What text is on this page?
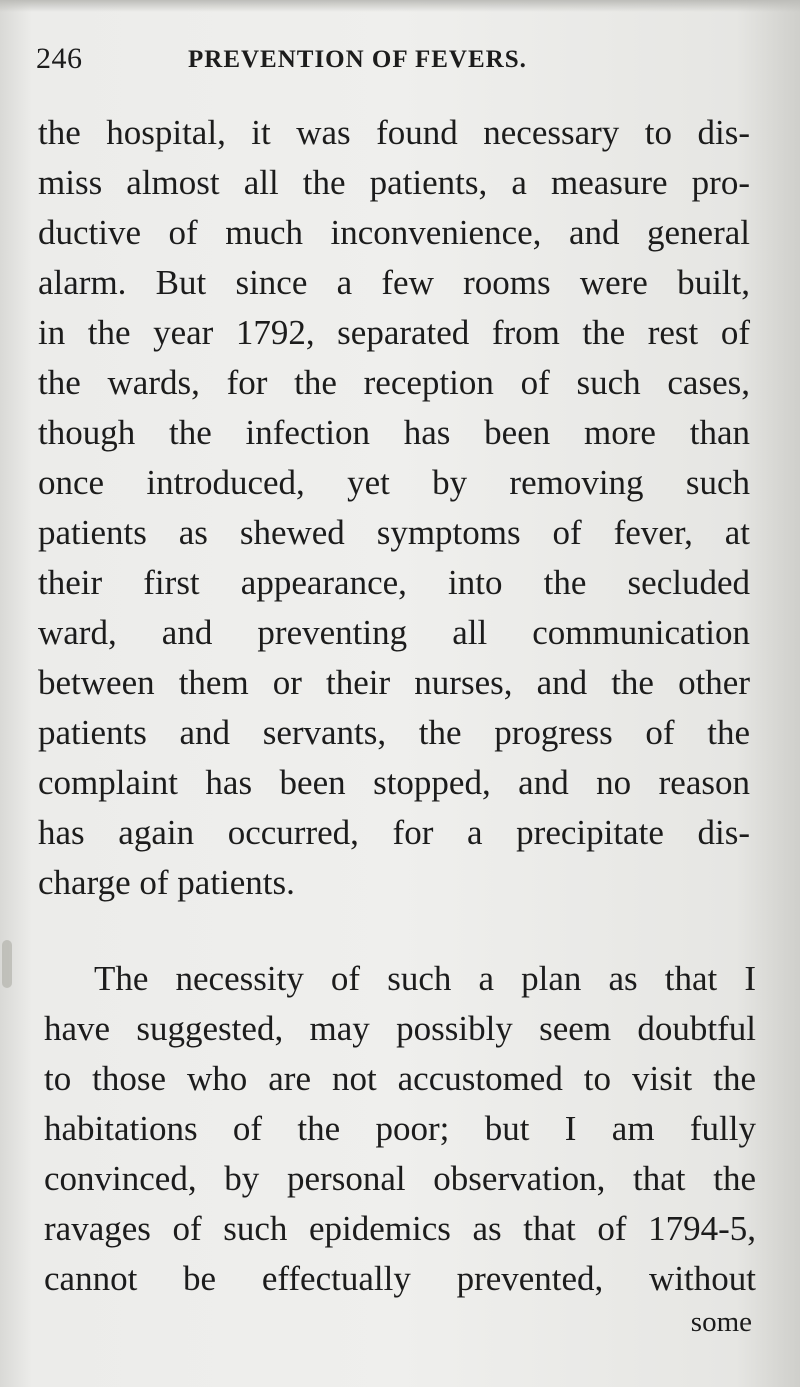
246	PREVENTION OF FEVERS.
the hospital, it was found necessary to dis-
miss almost all the patients, a measure pro-
ductive of much inconvenience, and general
alarm. But since a few rooms were built,
in the year 1792, separated from the rest of
the wards, for the reception of such cases,
though the infection has been more than
once introduced, yet by removing such
patients as shewed symptoms of fever, at
their first appearance, into the secluded
ward, and preventing all communication
between them or their nurses, and the other
patients and servants, the progress of the
complaint has been stopped, and no reason
has again occurred, for a precipitate dis-
charge of patients.
The necessity of such a plan as that I
have suggested, may possibly seem doubtful
to those who are not accustomed to visit the
habitations of the poor; but I am fully
convinced, by personal observation, that the
ravages of such epidemics as that of 1794-5,
cannot be effectually prevented, without
some
